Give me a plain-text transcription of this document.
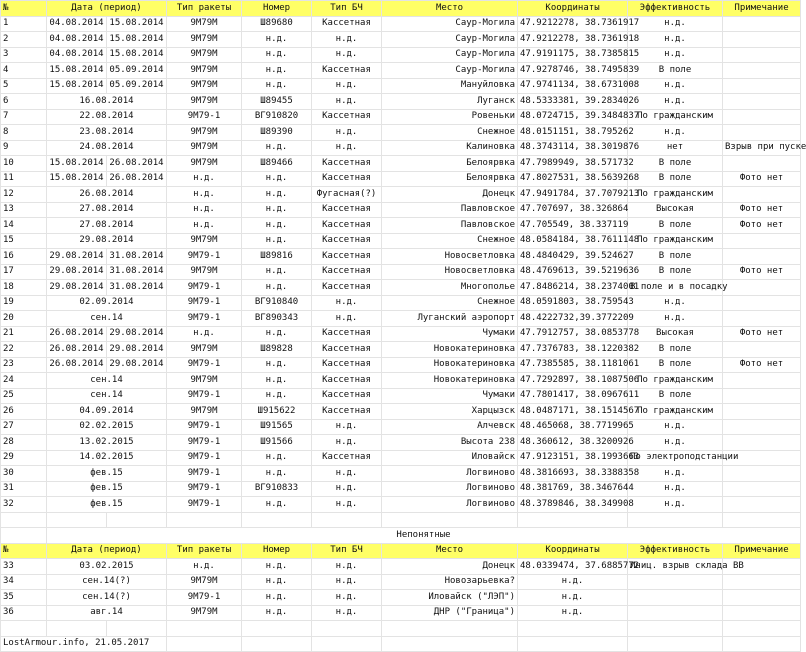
№	Дата (период)		Тип ракеты	Номер	Тип БЧ	Место	Координаты	Эффективность	Примечание
1	04.08.2014	15.08.2014	9М79М	Ш89680	Кассетная	Саур-Могила	47.9212278, 38.7361917	н.д.	
2	04.08.2014	15.08.2014	9М79М	н.д.	н.д.	Саур-Могила	47.9212278, 38.7361918	н.д.	
3	04.08.2014	15.08.2014	9М79М	н.д.	н.д.	Саур-Могила	47.9191175, 38.7385815	н.д.	
4	15.08.2014	05.09.2014	9М79М	н.д.	Кассетная	Саур-Могила	47.9278746, 38.7495839	В поле	
5	15.08.2014	05.09.2014	9М79М	н.д.	н.д.	Мануйловка	47.9741134, 38.6731008	н.д.	
6	16.08.2014		9М79М	Ш89455	н.д.	Луганск	48.5333381, 39.2834026	н.д.	
7	22.08.2014		9М79-1	ВГ910820	Кассетная	Ровеньки	48.0724715, 39.3484837	По гражданским	
8	23.08.2014		9М79М	Ш89390	н.д.	Снежное	48.0151151, 38.795262	н.д.	
9	24.08.2014		9М79М	н.д.	н.д.	Калиновка	48.3743114, 38.3019876	нет	Взрыв при пуске
10	15.08.2014	26.08.2014	9М79М	Ш89466	Кассетная	Белоярвка	47.7989949, 38.571732	В поле	
11	15.08.2014	26.08.2014	н.д.	н.д.	Кассетная	Белоярвка	47.8027531, 38.5639268	В поле	Фото нет
12	26.08.2014		н.д.	н.д.	Фугасная(?)	Донецк	47.9491784, 37.7079213	По гражданским	
13	27.08.2014		н.д.	н.д.	Кассетная	Павловское	47.707697, 38.326864	Высокая	Фото нет
14	27.08.2014		н.д.	н.д.	Кассетная	Павловское	47.705549, 38.337119	В поле	Фото нет
15	29.08.2014		9М79М	н.д.	Кассетная	Снежное	48.0584184, 38.7611148	По гражданским	
16	29.08.2014	31.08.2014	9М79-1	Ш89816	Кассетная	Новосветловка	48.4840429, 39.524627	В поле	
17	29.08.2014	31.08.2014	9М79М	н.д.	Кассетная	Новосветловка	48.4769613, 39.5219636	В поле	Фото нет
18	29.08.2014	31.08.2014	9М79-1	н.д.	Кассетная	Многополье	47.8486214, 38.2374001	В поле и в посадку	
19	02.09.2014		9М79-1	ВГ910840	н.д.	Снежное	48.0591803, 38.759543	н.д.	
20	сен.14		9М79-1	ВГ890343	н.д.	Луганский аэропорт	48.4222732,39.3772209	н.д.	
21	26.08.2014	29.08.2014	н.д.	н.д.	Кассетная	Чумаки	47.7912757, 38.0853778	Высокая	Фото нет
22	26.08.2014	29.08.2014	9М79М	Ш89828	Кассетная	Новокатериновка	47.7376783, 38.1220382	В поле	
23	26.08.2014	29.08.2014	9М79-1	н.д.	Кассетная	Новокатериновка	47.7385585, 38.1181061	В поле	Фото нет
24	сен.14		9М79М	н.д.	Кассетная	Новокатериновка	47.7292897, 38.1087506	По гражданским	
25	сен.14		9М79-1	н.д.	Кассетная	Чумаки	47.7801417, 38.0967611	В поле	
26	04.09.2014		9М79М	Ш915622	Кассетная	Харцызск	48.0487171, 38.1514567	По гражданским	
27	02.02.2015		9М79-1	Ш91565	н.д.	Алчевск	48.465068, 38.7719965	н.д.	
28	13.02.2015		9М79-1	Ш91566	н.д.	Высота 238	48.360612, 38.3200926	н.д.	
29	14.02.2015		9М79-1	н.д.	Кассетная	Иловайск	47.9123151, 38.1993663	По электроподстанции	
30	фев.15		9М79-1	н.д.	н.д.	Логвиново	48.3816693, 38.3388358	н.д.	
31	фев.15		9М79-1	ВГ910833	н.д.	Логвиново	48.381769, 38.3467644	н.д.	
32	фев.15		9М79-1	н.д.	н.д.	Логвиново	48.3789846, 38.349908	н.д.	

	Непонятные								
№	Дата (период)		Тип ракеты	Номер	Тип БЧ	Место	Координаты	Эффективность	Примечание
33	03.02.2015		н.д.	н.д.	н.д.	Донецк	48.0339474, 37.6885772	Иниц. взрыв склада ВВ	
34	сен.14(?)		9М79М	н.д.	н.д.	Новозарьевка?	н.д.		
35	сен.14(?)		9М79-1	н.д.	н.д.	Иловайск ("ЛЭП")	н.д.		
36	авг.14		9М79М	н.д.	н.д.	ДНР ("Граница")	н.д.		

LostArmour.info, 21.05.2017									
